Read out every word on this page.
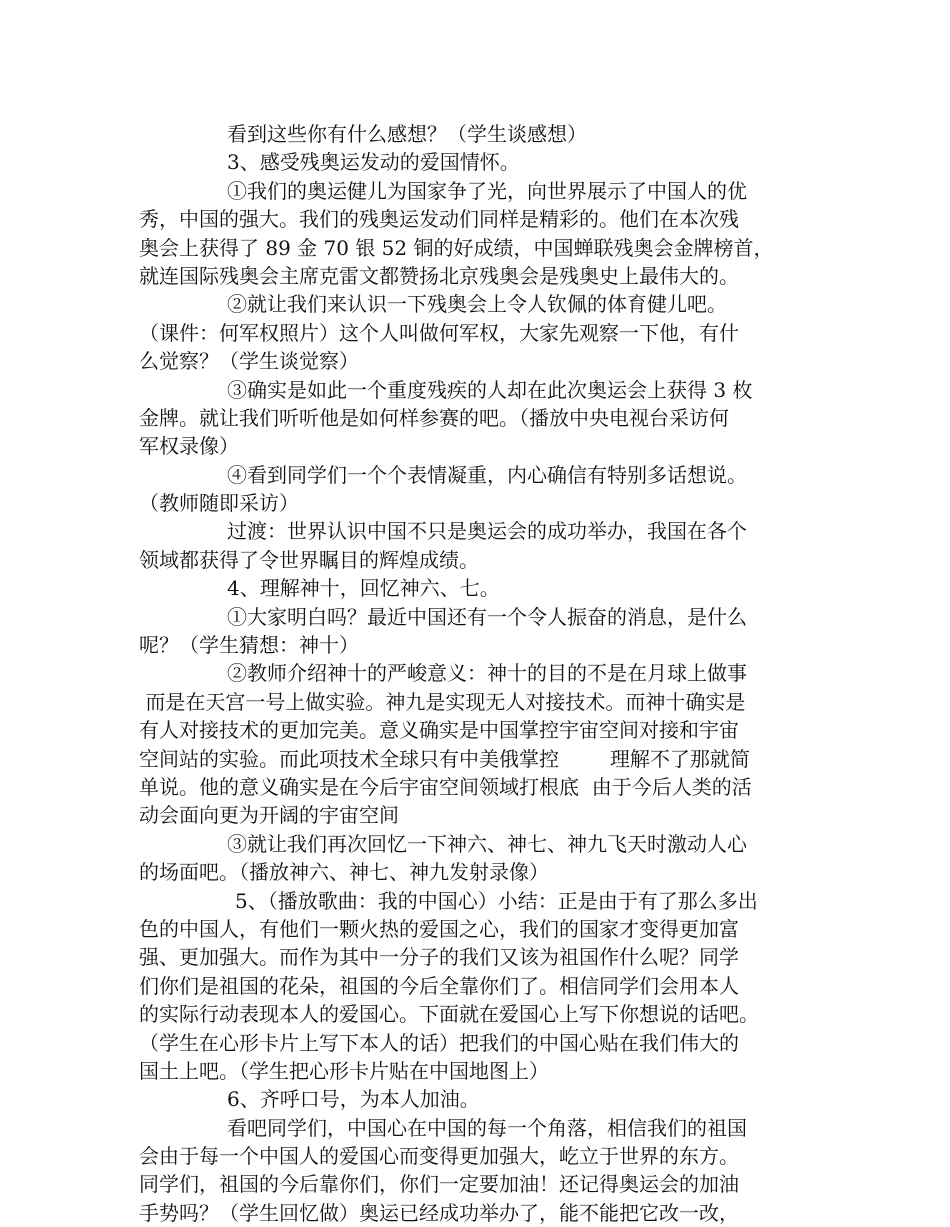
看到这些你有什么感想？（学生谈感想）
3、感受残奥运发动的爱国情怀。
①我们的奥运健儿为国家争了光，向世界展示了中国人的优
秀，中国的强大。我们的残奥运发动们同样是精彩的。他们在本次残
奥会上获得了 89 金 70 银 52 铜的好成绩，中国蝉联残奥会金牌榜首，
就连国际残奥会主席克雷文都赞扬北京残奥会是残奥史上最伟大的。
②就让我们来认识一下残奥会上令人钦佩的体育健儿吧。
（课件：何军权照片）这个人叫做何军权，大家先观察一下他，有什
么觉察？（学生谈觉察）
③确实是如此一个重度残疾的人却在此次奥运会上获得 3 枚
金牌。就让我们听听他是如何样参赛的吧。（播放中央电视台采访何
军权录像）
④看到同学们一个个表情凝重，内心确信有特别多话想说。
（教师随即采访）
过渡：世界认识中国不只是奥运会的成功举办，我国在各个
领域都获得了令世界瞩目的辉煌成绩。
4、理解神十，回忆神六、七。
①大家明白吗？最近中国还有一个令人振奋的消息，是什么
呢？（学生猜想：神十）
②教师介绍神十的严峻意义：神十的目的不是在月球上做事
而是在天宫一号上做实验。神九是实现无人对接技术。而神十确实是
有人对接技术的更加完美。意义确实是中国掌控宇宙空间对接和宇宙
空间站的实验。而此项技术全球只有中美俄掌控        理解不了那就简
单说。他的意义确实是在今后宇宙空间领域打根底  由于今后人类的活
动会面向更为开阔的宇宙空间
③就让我们再次回忆一下神六、神七、神九飞天时激动人心
的场面吧。（播放神六、神七、神九发射录像）
5、（播放歌曲：我的中国心）小结：正是由于有了那么多出
色的中国人，有他们一颗火热的爱国之心，我们的国家才变得更加富
强、更加强大。而作为其中一分子的我们又该为祖国作什么呢？同学
们你们是祖国的花朵，祖国的今后全靠你们了。相信同学们会用本人
的实际行动表现本人的爱国心。下面就在爱国心上写下你想说的话吧。
（学生在心形卡片上写下本人的话）把我们的中国心贴在我们伟大的
国土上吧。（学生把心形卡片贴在中国地图上）
6、齐呼口号，为本人加油。
看吧同学们，中国心在中国的每一个角落，相信我们的祖国
会由于每一个中国人的爱国心而变得更加强大，屹立于世界的东方。
同学们，祖国的今后靠你们，你们一定要加油！还记得奥运会的加油
手势吗？（学生回忆做）奥运已经成功举办了，能不能把它改一改，
